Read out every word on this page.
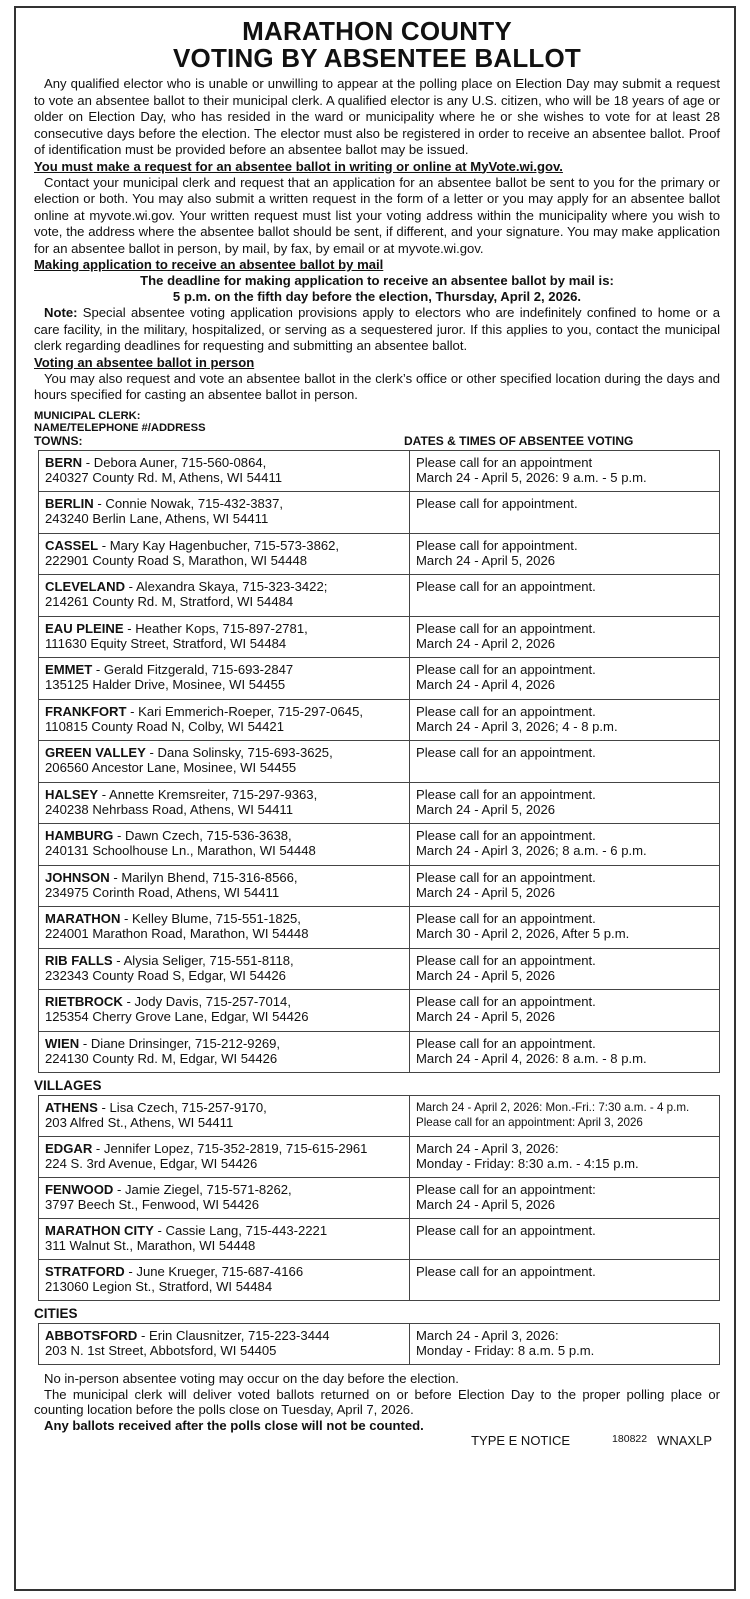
MARATHON COUNTY
VOTING BY ABSENTEE BALLOT

Any qualified elector who is unable or unwilling to appear at the polling place on Election Day may submit a request to vote an absentee ballot to their municipal clerk. A qualified elector is any U.S. citizen, who will be 18 years of age or older on Election Day, who has resided in the ward or municipality where he or she wishes to vote for at least 28 consecutive days before the election. The elector must also be registered in order to receive an absentee ballot. Proof of identification must be provided before an absentee ballot may be issued.

You must make a request for an absentee ballot in writing or online at MyVote.wi.gov.

Contact your municipal clerk and request that an application for an absentee ballot be sent to you for the primary or election or both. You may also submit a written request in the form of a letter or you may apply for an absentee ballot online at myvote.wi.gov. Your written request must list your voting address within the municipality where you wish to vote, the address where the absentee ballot should be sent, if different, and your signature. You may make application for an absentee ballot in person, by mail, by fax, by email or at myvote.wi.gov.

Making application to receive an absentee ballot by mail

The deadline for making application to receive an absentee ballot by mail is:

5 p.m. on the fifth day before the election, Thursday, April 2, 2026.

Note: Special absentee voting application provisions apply to electors who are indefinitely confined to home or a care facility, in the military, hospitalized, or serving as a sequestered juror. If this applies to you, contact the municipal clerk regarding deadlines for requesting and submitting an absentee ballot.

Voting an absentee ballot in person

You may also request and vote an absentee ballot in the clerk’s office or other specified location during the days and hours specified for casting an absentee ballot in person.

MUNICIPAL CLERK:

NAME/TELEPHONE #/ADDRESS

TOWNS:	DATES & TIMES OF ABSENTEE VOTING
BERN - Debora Auner, 715-560-0864,
240327 County Rd. M, Athens, WI 54411	Please call for an appointment
March 24 - April 5, 2026: 9 a.m. - 5 p.m.
BERLIN - Connie Nowak, 715-432-3837,
243240 Berlin Lane, Athens, WI 54411	Please call for appointment.

CASSEL - Mary Kay Hagenbucher, 715-573-3862,
222901 County Road S, Marathon, WI 54448	Please call for appointment.
March 24 - April 5, 2026
CLEVELAND - Alexandra Skaya, 715-323-3422;
214261 County Rd. M, Stratford, WI 54484	Please call for an appointment.

EAU PLEINE - Heather Kops, 715-897-2781,
111630 Equity Street, Stratford, WI 54484	Please call for an appointment.
March 24 - April 2, 2026
EMMET - Gerald Fitzgerald, 715-693-2847
135125 Halder Drive, Mosinee, WI 54455	Please call for an appointment.
March 24 - April 4, 2026
FRANKFORT - Kari Emmerich-Roeper, 715-297-0645,
110815 County Road N, Colby, WI 54421	Please call for an appointment.
March 24 - April 3, 2026; 4 - 8 p.m.
GREEN VALLEY - Dana Solinsky, 715-693-3625,
206560 Ancestor Lane, Mosinee, WI 54455	Please call for an appointment.

HALSEY - Annette Kremsreiter, 715-297-9363,
240238 Nehrbass Road, Athens, WI 54411	Please call for an appointment.
March 24 - April 5, 2026
HAMBURG - Dawn Czech, 715-536-3638,
240131 Schoolhouse Ln., Marathon, WI 54448	Please call for an appointment.
March 24 - Apirl 3, 2026; 8 a.m. - 6 p.m.
JOHNSON - Marilyn Bhend, 715-316-8566,
234975 Corinth Road, Athens, WI 54411	Please call for an appointment.
March 24 - April 5, 2026
MARATHON - Kelley Blume, 715-551-1825,
224001 Marathon Road, Marathon, WI 54448	Please call for an appointment.
March 30 - April 2, 2026, After 5 p.m.
RIB FALLS - Alysia Seliger, 715-551-8118,
232343 County Road S, Edgar, WI 54426	Please call for an appointment.
March 24 - April 5, 2026
RIETBROCK - Jody Davis, 715-257-7014,
125354 Cherry Grove Lane, Edgar, WI 54426	Please call for an appointment.
March 24 - April 5, 2026
WIEN - Diane Drinsinger, 715-212-9269,
224130 County Rd. M, Edgar, WI 54426	Please call for an appointment.
March 24 - April 4, 2026: 8 a.m. - 8 p.m.

VILLAGES

ATHENS - Lisa Czech, 715-257-9170,
203 Alfred St., Athens, WI 54411	March 24 - April 2, 2026: Mon.-Fri.: 7:30 a.m. - 4 p.m.
Please call for an appointment: April 3, 2026
EDGAR - Jennifer Lopez, 715-352-2819, 715-615-2961
224 S. 3rd Avenue, Edgar, WI 54426	March 24 - April 3, 2026:
Monday - Friday: 8:30 a.m. - 4:15 p.m.
FENWOOD - Jamie Ziegel, 715-571-8262,
3797 Beech St., Fenwood, WI 54426	Please call for an appointment:
March 24 - April 5, 2026
MARATHON CITY - Cassie Lang, 715-443-2221
311 Walnut St., Marathon, WI 54448	Please call for an appointment.

STRATFORD - June Krueger, 715-687-4166
213060 Legion St., Stratford, WI 54484	Please call for an appointment.

CITIES

ABBOTSFORD - Erin Clausnitzer, 715-223-3444
203 N. 1st Street, Abbotsford, WI 54405	March 24 - April 3, 2026:
Monday - Friday: 8 a.m. 5 p.m.

No in-person absentee voting may occur on the day before the election.

The municipal clerk will deliver voted ballots returned on or before Election Day to the proper polling place or counting location before the polls close on Tuesday, April 7, 2026.

Any ballots received after the polls close will not be counted.

TYPE E NOTICE	180822 WNAXLP
